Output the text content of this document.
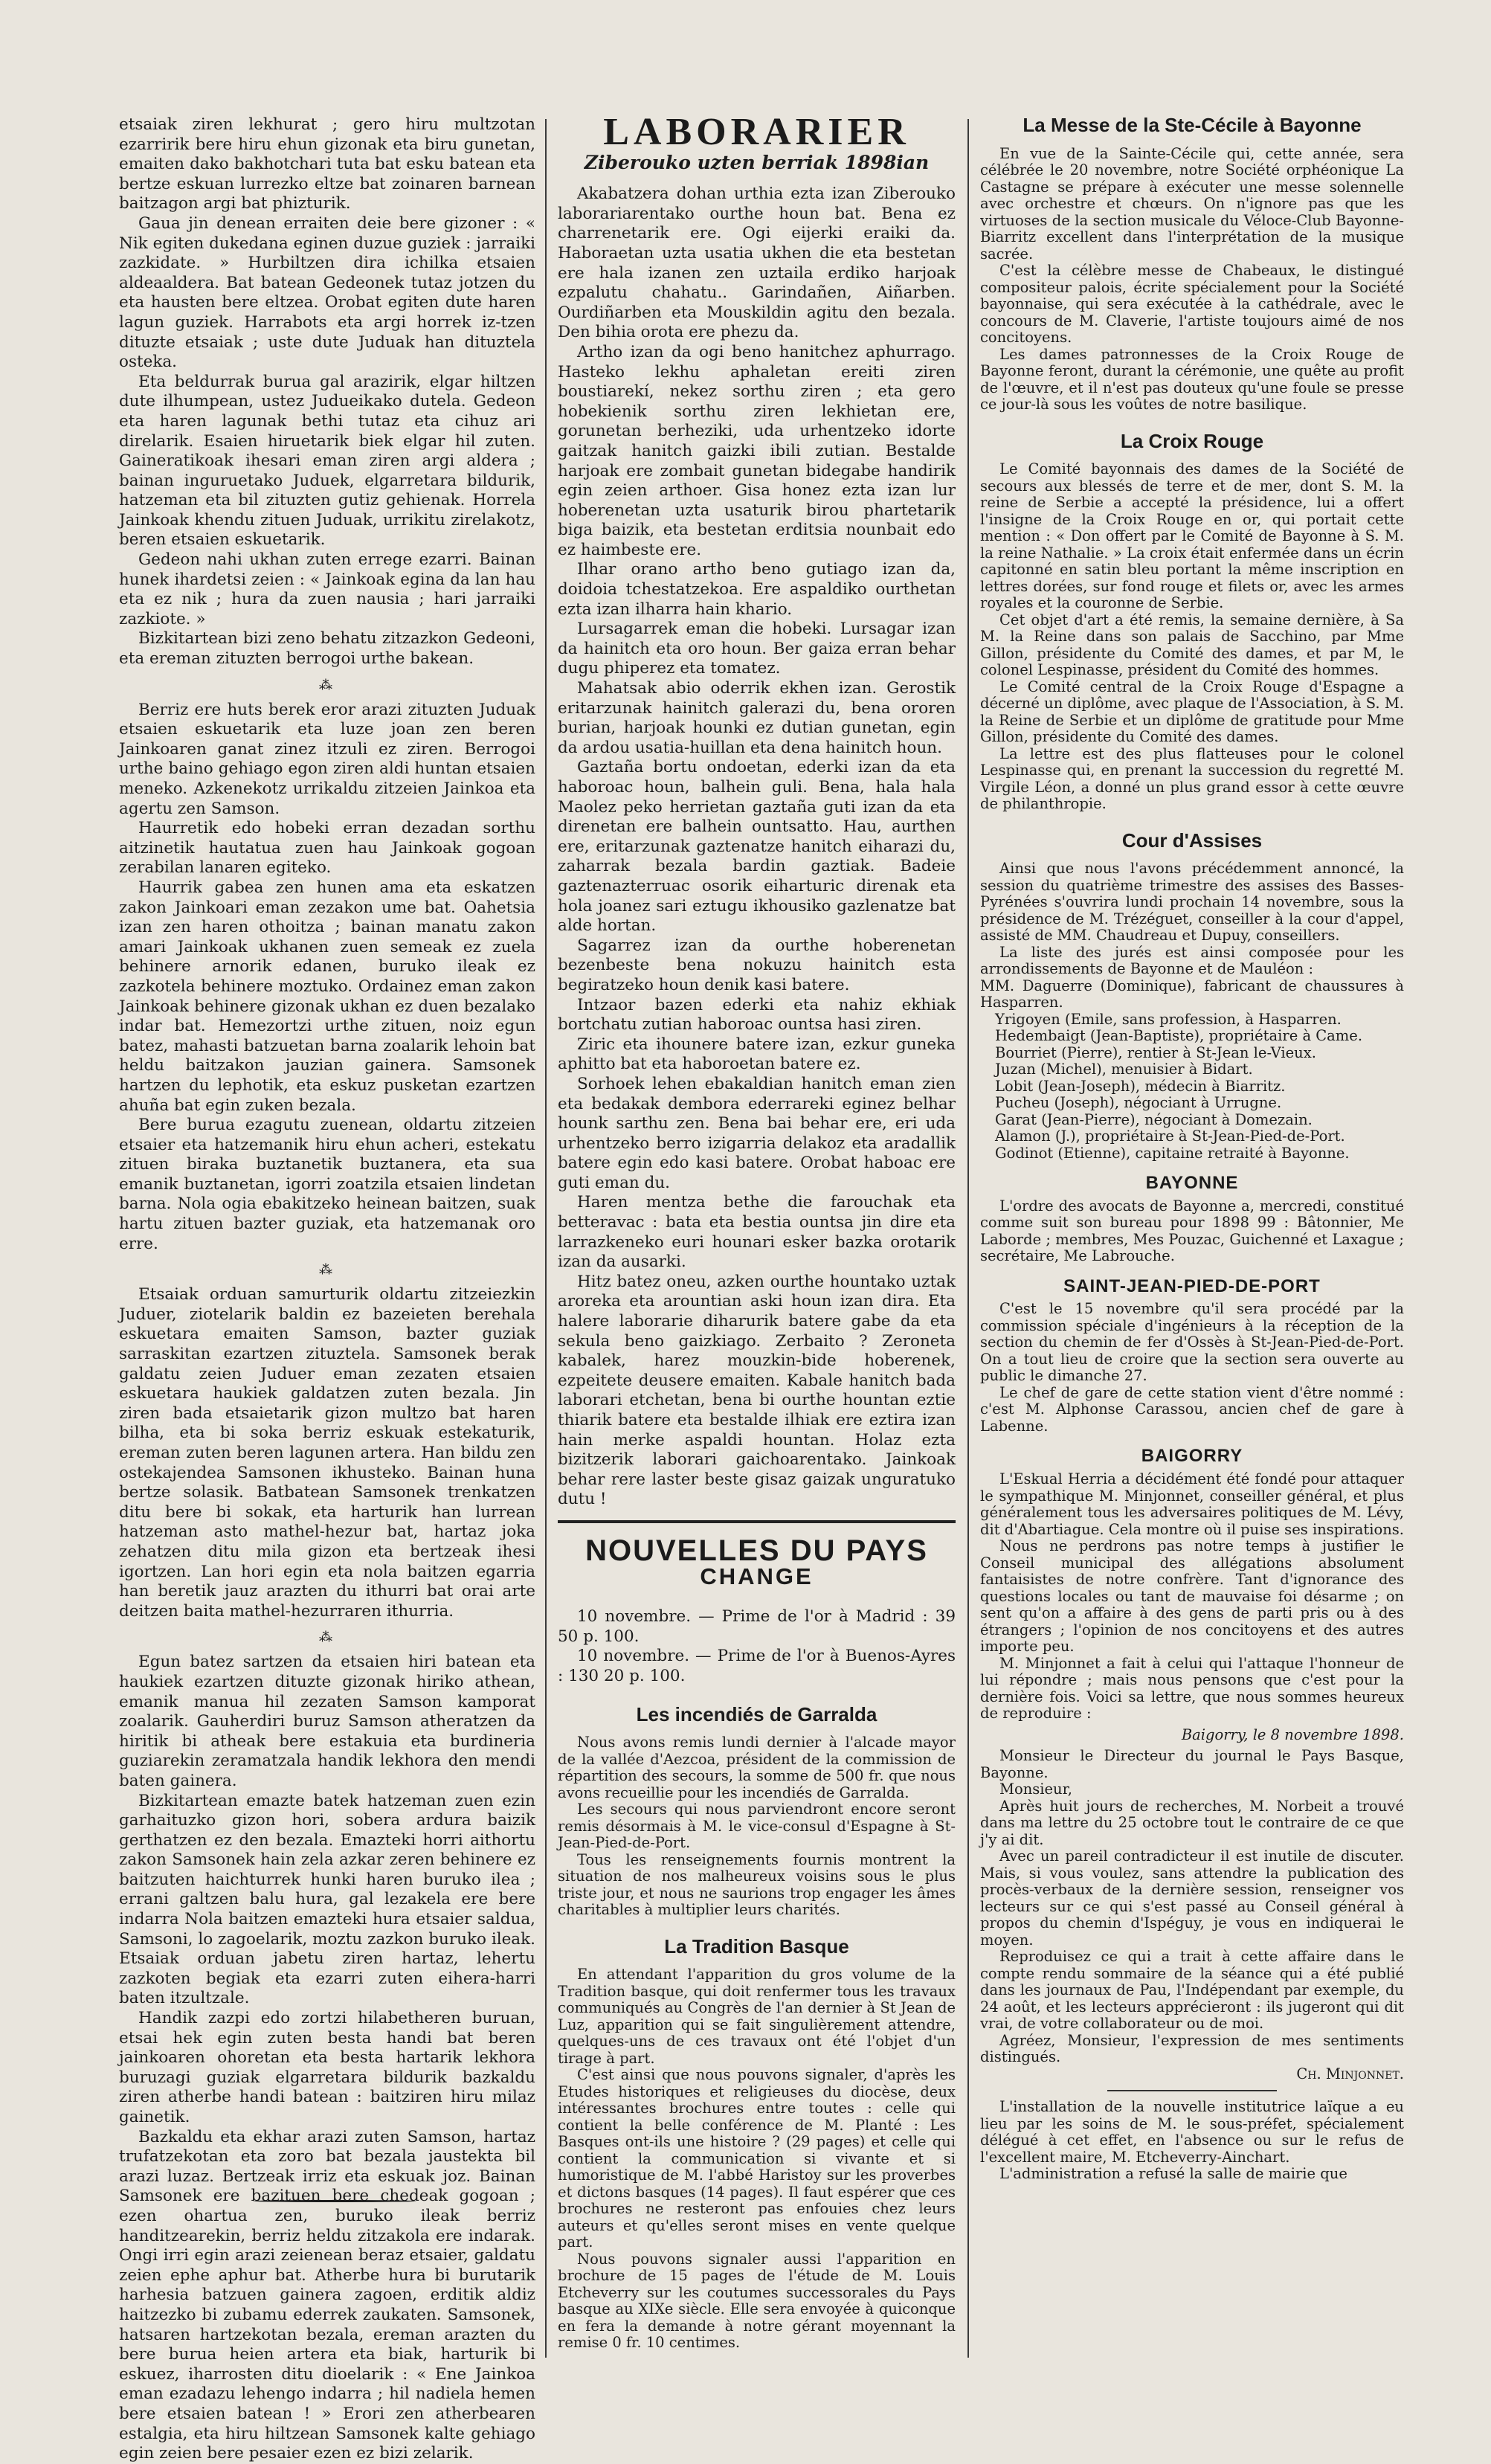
etsaiak ziren lekhurat ; gero hiru multzotan ezarririk bere hiru ehun gizonak eta biru gunetan, emaiten dako bakhotchari tuta bat esku batean eta bertze eskuan lurrezko eltze bat zoinaren barnean baitzagon argi bat phizturik.

Gaua jin denean erraiten deie bere gizoner : « Nik egiten dukedana eginen duzue guziek : jarraiki zazkidate. » Hurbiltzen dira ichilka etsaien aldeaaldera. Bat batean Gedeonek tutaz jotzen du eta hausten bere eltzea. Orobat egiten dute haren lagun guziek. Harrabots eta argi horrek iz-tzen dituzte etsaiak ; uste dute Juduak han dituztela osteka.

Eta beldurrak burua gal arazirik, elgar hiltzen dute ilhumpean, ustez Judueikako dutela. Gedeon eta haren lagunak bethi tutaz eta cihuz ari direlarik. Esaien hiruetarik biek elgar hil zuten. Gaineratikoak ihesari eman ziren argi aldera ; bainan inguruetako Juduek, elgarretara bildurik, hatzeman eta bil zituzten gutiz gehienak. Horrela Jainkoak khendu zituen Juduak, urrikitu zirelakotz, beren etsaien eskuetarik.

Gedeon nahi ukhan zuten errege ezarri. Bainan hunek ihardetsi zeien : « Jainkoak egina da lan hau eta ez nik ; hura da zuen nausia ; hari jarraiki zazkiote. »

Bizkitartean bizi zeno behatu zitzazkon Gedeoni, eta ereman zituzten berrogoi urthe bakean.

⁂

Berriz ere huts berek eror arazi zituzten Juduak etsaien eskuetarik eta luze joan zen beren Jainkoaren ganat zinez itzuli ez ziren. Berrogoi urthe baino gehiago egon ziren aldi huntan etsaien meneko. Azkenekotz urrikaldu zitzeien Jainkoa eta agertu zen Samson.

Haurretik edo hobeki erran dezadan sorthu aitzinetik hautatua zuen hau Jainkoak gogoan zerabilan lanaren egiteko.

Haurrik gabea zen hunen ama eta eskatzen zakon Jainkoari eman zezakon ume bat. Oahetsia izan zen haren othoitza ; bainan manatu zakon amari Jainkoak ukhanen zuen semeak ez zuela behinere arnorik edanen, buruko ileak ez zazkotela behinere moztuko. Ordainez eman zakon Jainkoak behinere gizonak ukhan ez duen bezalako indar bat. Hemezortzi urthe zituen, noiz egun batez, mahasti batzuetan barna zoalarik lehoin bat heldu baitzakon jauzian gainera. Samsonek hartzen du lephotik, eta eskuz pusketan ezartzen ahuña bat egin zuken bezala.

Bere burua ezagutu zuenean, oldartu zitzeien etsaier eta hatzemanik hiru ehun acheri, estekatu zituen biraka buztanetik buztanera, eta sua emanik buztanetan, igorri zoatzila etsaien lindetan barna. Nola ogia ebakitzeko heinean baitzen, suak hartu zituen bazter guziak, eta hatzemanak oro erre.

⁂

Etsaiak orduan samurturik oldartu zitzeiezkin Juduer, ziotelarik baldin ez bazeieten berehala eskuetara emaiten Samson, bazter guziak sarraskitan ezartzen zituztela. Samsonek berak galdatu zeien Juduer eman zezaten etsaien eskuetara haukiek galdatzen zuten bezala. Jin ziren bada etsaietarik gizon multzo bat haren bilha, eta bi soka berriz eskuak estekaturik, ereman zuten beren lagunen artera. Han bildu zen ostekajendea Samsonen ikhusteko. Bainan huna bertze solasik. Batbatean Samsonek trenkatzen ditu bere bi sokak, eta harturik han lurrean hatzeman asto mathel-hezur bat, hartaz joka zehatzen ditu mila gizon eta bertzeak ihesi igortzen. Lan hori egin eta nola baitzen egarria han beretik jauz arazten du ithurri bat orai arte deitzen baita mathel-hezurraren ithurria.

⁂

Egun batez sartzen da etsaien hiri batean eta haukiek ezartzen dituzte gizonak hiriko athean, emanik manua hil zezaten Samson kamporat zoalarik. Gauherdiri buruz Samson atheratzen da hiritik bi atheak bere estakuia eta burdineria guziarekin zeramatzala handik lekhora den mendi baten gainera.

Bizkitartean emazte batek hatzeman zuen ezin garhaituzko gizon hori, sobera ardura baizik gerthatzen ez den bezala. Emazteki horri aithortu zakon Samsonek hain zela azkar zeren behinere ez baitzuten haichturrek hunki haren buruko ilea ; errani galtzen balu hura, gal lezakela ere bere indarra Nola baitzen emazteki hura etsaier saldua, Samsoni, lo zagoelarik, moztu zazkon buruko ileak. Etsaiak orduan jabetu ziren hartaz, lehertu zazkoten begiak eta ezarri zuten eihera-harri baten itzultzale.

Handik zazpi edo zortzi hilabetheren buruan, etsai hek egin zuten besta handi bat beren jainkoaren ohoretan eta besta hartarik lekhora buruzagi guziak elgarretara bildurik bazkaldu ziren atherbe handi batean : baitziren hiru milaz gainetik.

Bazkaldu eta ekhar arazi zuten Samson, hartaz trufatzekotan eta zoro bat bezala jaustekta bil arazi luzaz. Bertzeak irriz eta eskuak joz. Bainan Samsonek ere bazituen bere chedeak gogoan ; ezen ohartua zen, buruko ileak berriz handitzearekin, berriz heldu zitzakola ere indarak. Ongi irri egin arazi zeienean beraz etsaier, galdatu zeien ephe aphur bat. Atherbe hura bi burutarik harhesia batzuen gainera zagoen, erditik aldiz haitzezko bi zubamu ederrek zaukaten. Samsonek, hatsaren hartzekotan bezala, ereman arazten du bere burua heien artera eta biak, harturik bi eskuez, iharrosten ditu dioelarik : « Ene Jainkoa eman ezadazu lehengo indarra ; hil nadiela hemen bere etsaien batean ! » Erori zen atherbearen estalgia, eta hiru hiltzean Samsonek kalte gehiago egin zeien bere pesaier ezen ez bizi zelarik.

LABORARIER
Ziberouko uzten berriak 1898ian

Akabatzera dohan urthia ezta izan Ziberouko laborariarentako ourthe houn bat. Bena ez charrenetarik ere. Ogi eijerki eraiki da. Haboraetan uzta usatia ukhen die eta bestetan ere hala izanen zen uztaila erdiko harjoak ezpalutu chahatu.. Garindañen, Aiñarben. Ourdiñarben eta Mouskildin agitu den bezala. Den bihia orota ere phezu da.

Artho izan da ogi beno hanitchez aphurrago. Hasteko lekhu aphaletan ereiti ziren boustiarekí, nekez sorthu ziren ; eta gero hobekienik sorthu ziren lekhietan ere, gorunetan berheziki, uda urhentzeko idorte gaitzak hanitch gaizki ibili zutian. Bestalde harjoak ere zombait gunetan bidegabe handirik egin zeien arthoer. Gisa honez ezta izan lur hoberenetan uzta usaturik birou phartetarik biga baizik, eta bestetan erditsia nounbait edo ez haimbeste ere.

Ilhar orano artho beno gutiago izan da, doidoia tchestatzekoa. Ere aspaldiko ourthetan ezta izan ilharra hain khario.

Lursagarrek eman die hobeki. Lursagar izan da hainitch eta oro houn. Ber gaiza erran behar dugu phiperez eta tomatez.

Mahatsak abio oderrik ekhen izan. Gerostik eritarzunak hainitch galerazi du, bena ororen burian, harjoak hounki ez dutian gunetan, egin da ardou usatia-huillan eta dena hainitch houn.

Gaztaña bortu ondoetan, ederki izan da eta haboroac houn, balhein guli. Bena, hala hala Maolez peko herrietan gaztaña guti izan da eta direnetan ere balhein ountsatto. Hau, aurthen ere, eritarzunak gaztenatze hanitch eiharazi du, zaharrak bezala bardin gaztiak. Badeie gaztenazterruac osorik eiharturic direnak eta hola joanez sari eztugu ikhousiko gazlenatze bat alde hortan.

Sagarrez izan da ourthe hoberenetan bezenbeste bena nokuzu hainitch esta begiratzeko houn denik kasi batere.

Intzaor bazen ederki eta nahiz ekhiak bortchatu zutian haboroac ountsa hasi ziren.

Ziric eta ihounere batere izan, ezkur guneka aphitto bat eta haboroetan batere ez.

Sorhoek lehen ebakaldian hanitch eman zien eta bedakak dembora ederrareki eginez belhar hounk sarthu zen. Bena bai behar ere, eri uda urhentzeko berro izigarria delakoz eta aradallik batere egin edo kasi batere. Orobat haboac ere guti eman du.

Haren mentza bethe die farouchak eta betteravac : bata eta bestia ountsa jin dire eta larrazkeneko euri hounari esker bazka orotarik izan da ausarki.

Hitz batez oneu, azken ourthe hountako uztak aroreka eta arountian aski houn izan dira. Eta halere laborarie diharurik batere gabe da eta sekula beno gaizkiago. Zerbaito ? Zeroneta kabalek, harez mouzkin-bide hoberenek, ezpeitete deusere emaiten. Kabale hanitch bada laborari etchetan, bena bi ourthe hountan eztie thiarik batere eta bestalde ilhiak ere eztira izan hain merke aspaldi hountan. Holaz ezta bizitzerik laborari gaichoarentako. Jainkoak behar rere laster beste gisaz gaizak unguratuko dutu !

NOUVELLES DU PAYS
CHANGE

10 novembre. — Prime de l'or à Madrid : 39 50 p. 100.

10 novembre. — Prime de l'or à Buenos-Ayres : 130 20 p. 100.

Les incendiés de Garralda

Nous avons remis lundi dernier à l'alcade mayor de la vallée d'Aezcoa, président de la commission de répartition des secours, la somme de 500 fr. que nous avons recueillie pour les incendiés de Garralda.

Les secours qui nous parviendront encore seront remis désormais à M. le vice-consul d'Espagne à St-Jean-Pied-de-Port.

Tous les renseignements fournis montrent la situation de nos malheureux voisins sous le plus triste jour, et nous ne saurions trop engager les âmes charitables à multiplier leurs charités.

La Tradition Basque

En attendant l'apparition du gros volume de la Tradition basque, qui doit renfermer tous les travaux communiqués au Congrès de l'an dernier à St Jean de Luz, apparition qui se fait singulièrement attendre, quelques-uns de ces travaux ont été l'objet d'un tirage à part.

C'est ainsi que nous pouvons signaler, d'après les Etudes historiques et religieuses du diocèse, deux intéressantes brochures entre toutes : celle qui contient la belle conférence de M. Planté : Les Basques ont-ils une histoire ? (29 pages) et celle qui contient la communication si vivante et si humoristique de M. l'abbé Haristoy sur les proverbes et dictons basques (14 pages). Il faut espérer que ces brochures ne resteront pas enfouies chez leurs auteurs et qu'elles seront mises en vente quelque part.

Nous pouvons signaler aussi l'apparition en brochure de 15 pages de l'étude de M. Louis Etcheverry sur les coutumes successorales du Pays basque au XIXe siècle. Elle sera envoyée à quiconque en fera la demande à notre gérant moyennant la remise 0 fr. 10 centimes.

La Messe de la Ste-Cécile à Bayonne

En vue de la Sainte-Cécile qui, cette année, sera célébrée le 20 novembre, notre Société orphéonique La Castagne se prépare à exécuter une messe solennelle avec orchestre et chœurs. On n'ignore pas que les virtuoses de la section musicale du Véloce-Club Bayonne-Biarritz excellent dans l'interprétation de la musique sacrée.

C'est la célèbre messe de Chabeaux, le distingué compositeur palois, écrite spécialement pour la Société bayonnaise, qui sera exécutée à la cathédrale, avec le concours de M. Claverie, l'artiste toujours aimé de nos concitoyens.

Les dames patronnesses de la Croix Rouge de Bayonne feront, durant la cérémonie, une quête au profit de l'œuvre, et il n'est pas douteux qu'une foule se presse ce jour-là sous les voûtes de notre basilique.

La Croix Rouge

Le Comité bayonnais des dames de la Société de secours aux blessés de terre et de mer, dont S. M. la reine de Serbie a accepté la présidence, lui a offert l'insigne de la Croix Rouge en or, qui portait cette mention : « Don offert par le Comité de Bayonne à S. M. la reine Nathalie. » La croix était enfermée dans un écrin capitonné en satin bleu portant la même inscription en lettres dorées, sur fond rouge et filets or, avec les armes royales et la couronne de Serbie.

Cet objet d'art a été remis, la semaine dernière, à Sa M. la Reine dans son palais de Sacchino, par Mme Gillon, présidente du Comité des dames, et par M, le colonel Lespinasse, président du Comité des hommes.

Le Comité central de la Croix Rouge d'Espagne a décerné un diplôme, avec plaque de l'Association, à S. M. la Reine de Serbie et un diplôme de gratitude pour Mme Gillon, présidente du Comité des dames.

La lettre est des plus flatteuses pour le colonel Lespinasse qui, en prenant la succession du regretté M. Virgile Léon, a donné un plus grand essor à cette œuvre de philanthropie.

Cour d'Assises

Ainsi que nous l'avons précédemment annoncé, la session du quatrième trimestre des assises des Basses-Pyrénées s'ouvrira lundi prochain 14 novembre, sous la présidence de M. Trézéguet, conseiller à la cour d'appel, assisté de MM. Chaudreau et Dupuy, conseillers.

La liste des jurés est ainsi composée pour les arrondissements de Bayonne et de Mauléon :

MM. Daguerre (Dominique), fabricant de chaussures à Hasparren.

Yrigoyen (Emile, sans profession, à Hasparren.

Hedembaigt (Jean-Baptiste), propriétaire à Came.

Bourriet (Pierre), rentier à St-Jean le-Vieux.

Juzan (Michel), menuisier à Bidart.

Lobit (Jean-Joseph), médecin à Biarritz.

Pucheu (Joseph), négociant à Urrugne.

Garat (Jean-Pierre), négociant à Domezain.

Alamon (J.), propriétaire à St-Jean-Pied-de-Port.

Godinot (Etienne), capitaine retraité à Bayonne.

BAYONNE

L'ordre des avocats de Bayonne a, mercredi, constitué comme suit son bureau pour 1898 99 : Bâtonnier, Me Laborde ; membres, Mes Pouzac, Guichenné et Laxague ; secrétaire, Me Labrouche.

SAINT-JEAN-PIED-DE-PORT

C'est le 15 novembre qu'il sera procédé par la commission spéciale d'ingénieurs à la réception de la section du chemin de fer d'Ossès à St-Jean-Pied-de-Port. On a tout lieu de croire que la section sera ouverte au public le dimanche 27.

Le chef de gare de cette station vient d'être nommé : c'est M. Alphonse Carassou, ancien chef de gare à Labenne.

BAIGORRY

L'Eskual Herria a décidément été fondé pour attaquer le sympathique M. Minjonnet, conseiller général, et plus généralement tous les adversaires politiques de M. Lévy, dit d'Abartiague. Cela montre où il puise ses inspirations.

Nous ne perdrons pas notre temps à justifier le Conseil municipal des allégations absolument fantaisistes de notre confrère. Tant d'ignorance des questions locales ou tant de mauvaise foi désarme ; on sent qu'on a affaire à des gens de parti pris ou à des étrangers ; l'opinion de nos concitoyens et des autres importe peu.

M. Minjonnet a fait à celui qui l'attaque l'honneur de lui répondre ; mais nous pensons que c'est pour la dernière fois. Voici sa lettre, que nous sommes heureux de reproduire :

Baigorry, le 8 novembre 1898.

Monsieur le Directeur du journal le Pays Basque, Bayonne.

Monsieur,

Après huit jours de recherches, M. Norbeit a trouvé dans ma lettre du 25 octobre tout le contraire de ce que j'y ai dit.

Avec un pareil contradicteur il est inutile de discuter. Mais, si vous voulez, sans attendre la publication des procès-verbaux de la dernière session, renseigner vos lecteurs sur ce qui s'est passé au Conseil général à propos du chemin d'Ispéguy, je vous en indiquerai le moyen.

Reproduisez ce qui a trait à cette affaire dans le compte rendu sommaire de la séance qui a été publié dans les journaux de Pau, l'Indépendant par exemple, du 24 août, et les lecteurs apprécieront : ils jugeront qui dit vrai, de votre collaborateur ou de moi.

Agréez, Monsieur, l'expression de mes sentiments distingués.

Ch. Minjonnet.

L'installation de la nouvelle institutrice laïque a eu lieu par les soins de M. le sous-préfet, spécialement délégué à cet effet, en l'absence ou sur le refus de l'excellent maire, M. Etcheverry-Ainchart.

L'administration a refusé la salle de mairie que
